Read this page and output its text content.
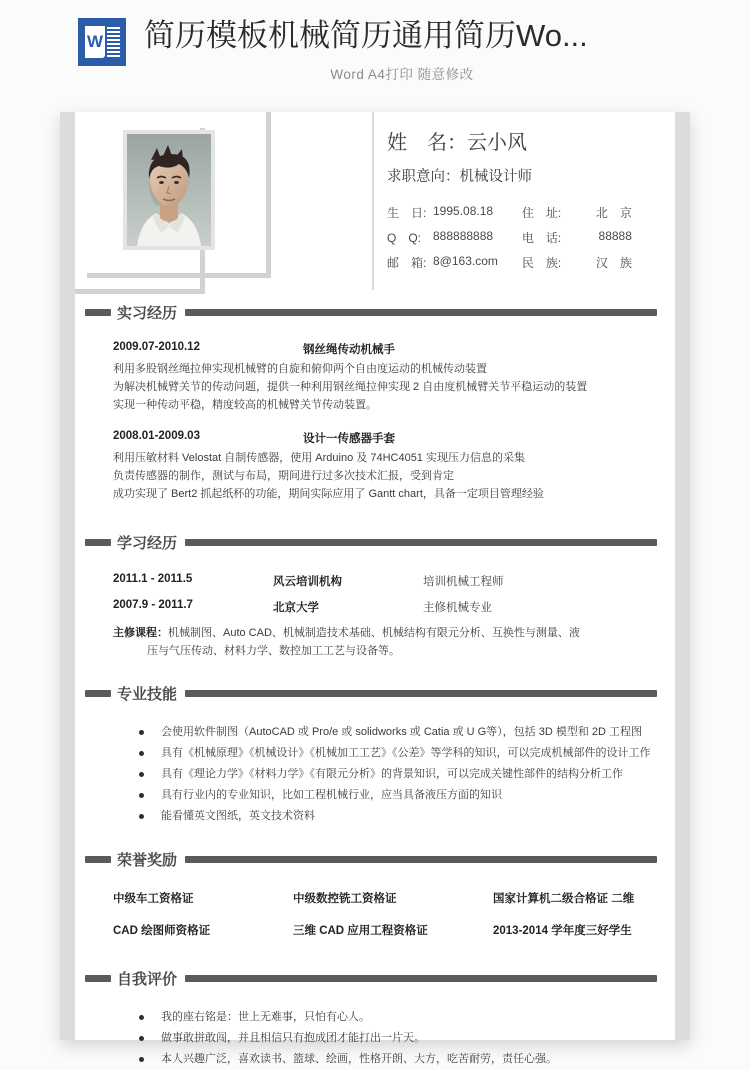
W
简历模板机械简历通用简历Wo...
Word A4打印 随意修改
姓　名：云小风
求职意向：机械设计师
生　日:	1995.08.18	住　址:	北　京
Q　Q:	888888888	电　话:	88888
邮　箱:	8@163.com	民　族:	汉　族
实习经历
2009.07-2010.12	钢丝绳传动机械手
利用多股钢丝绳拉伸实现机械臂的自旋和俯仰两个自由度运动的机械传动装置
为解决机械臂关节的传动问题，提供一种利用钢丝绳拉伸实现 2 自由度机械臂关节平稳运动的装置
实现一种传动平稳，精度较高的机械臂关节传动装置。
2008.01-2009.03	设计一传感器手套
利用压敏材料 Velostat 自制传感器，使用 Arduino 及 74HC4051 实现压力信息的采集
负责传感器的制作，测试与布局，期间进行过多次技术汇报，受到肯定
成功实现了 Bert2 抓起纸杯的功能，期间实际应用了 Gantt chart，具备一定项目管理经验
学习经历
2011.1 - 2011.5	风云培训机构	培训机械工程师
2007.9 - 2011.7	北京大学	主修机械专业
主修课程：机械制图、Auto CAD、机械制造技术基础、机械结构有限元分析、互换性与测量、液
压与气压传动、材料力学、数控加工工艺与设备等。
专业技能
会使用软件制图（AutoCAD 或 Pro/e 或 solidworks 或 Catia 或 U G等），包括 3D 模型和 2D 工程图
具有《机械原理》《机械设计》《机械加工工艺》《公差》等学科的知识，可以完成机械部件的设计工作
具有《理论力学》《材料力学》《有限元分析》的背景知识，可以完成关键性部件的结构分析工作
具有行业内的专业知识，比如工程机械行业，应当具备液压方面的知识
能看懂英文图纸，英文技术资料
荣誉奖励
中级车工资格证	中级数控铣工资格证	国家计算机二级合格证 二维
CAD 绘图师资格证	三维 CAD 应用工程资格证	2013-2014 学年度三好学生
自我评价
我的座右铭是：世上无难事，只怕有心人。
做事敢拼敢闯，并且相信只有抱成团才能打出一片天。
本人兴趣广泛，喜欢读书、篮球、绘画，性格开朗、大方，吃苦耐劳，责任心强。
